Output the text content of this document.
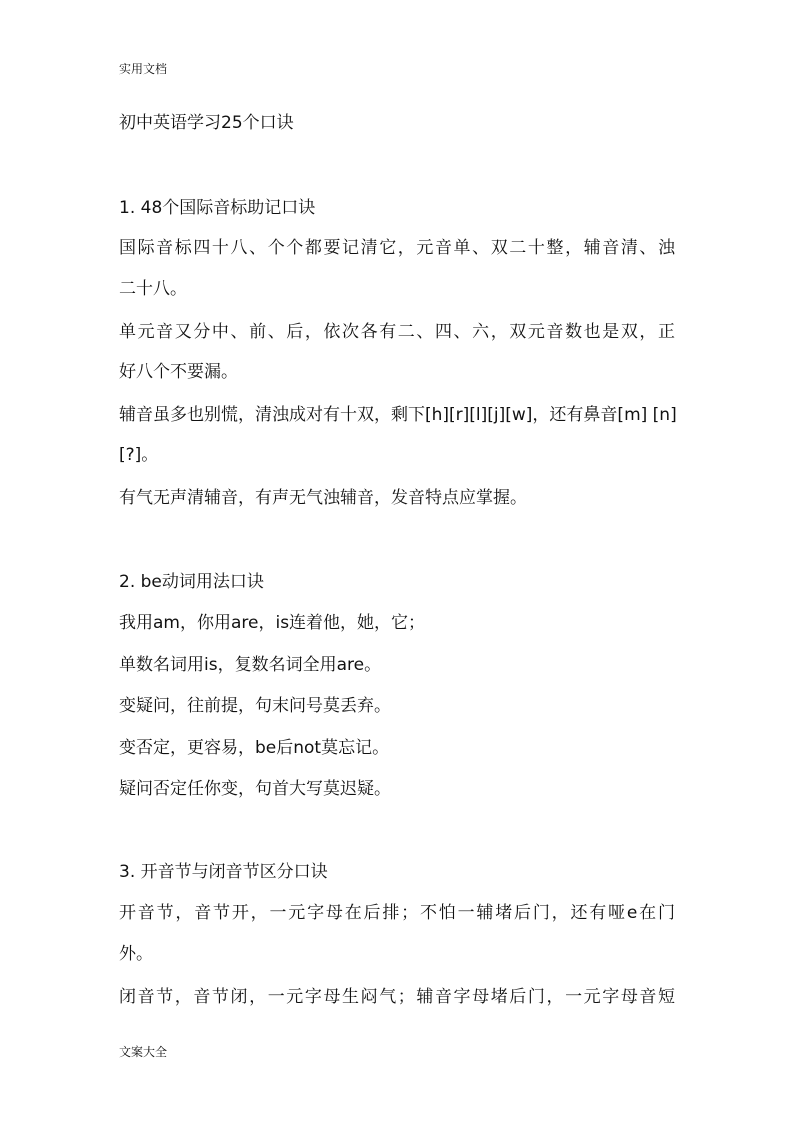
实用文档
初中英语学习25个口诀
1. 48个国际音标助记口诀
国际音标四十八、个个都要记清它，元音单、双二十整，辅音清、浊
二十八。
单元音又分中、前、后，依次各有二、四、六，双元音数也是双，正
好八个不要漏。
辅音虽多也别慌，清浊成对有十双，剩下[h][r][l][j][w]，还有鼻音[m] [n]
[?]。
有气无声清辅音，有声无气浊辅音，发音特点应掌握。
2. be动词用法口诀
我用am，你用are，is连着他，她，它；
单数名词用is，复数名词全用are。
变疑问，往前提，句末问号莫丢弃。
变否定，更容易，be后not莫忘记。
疑问否定任你变，句首大写莫迟疑。
3. 开音节与闭音节区分口诀
开音节，音节开，一元字母在后排；不怕一辅堵后门，还有哑e在门
外。
闭音节，音节闭，一元字母生闷气；辅音字母堵后门，一元字母音短
文案大全
